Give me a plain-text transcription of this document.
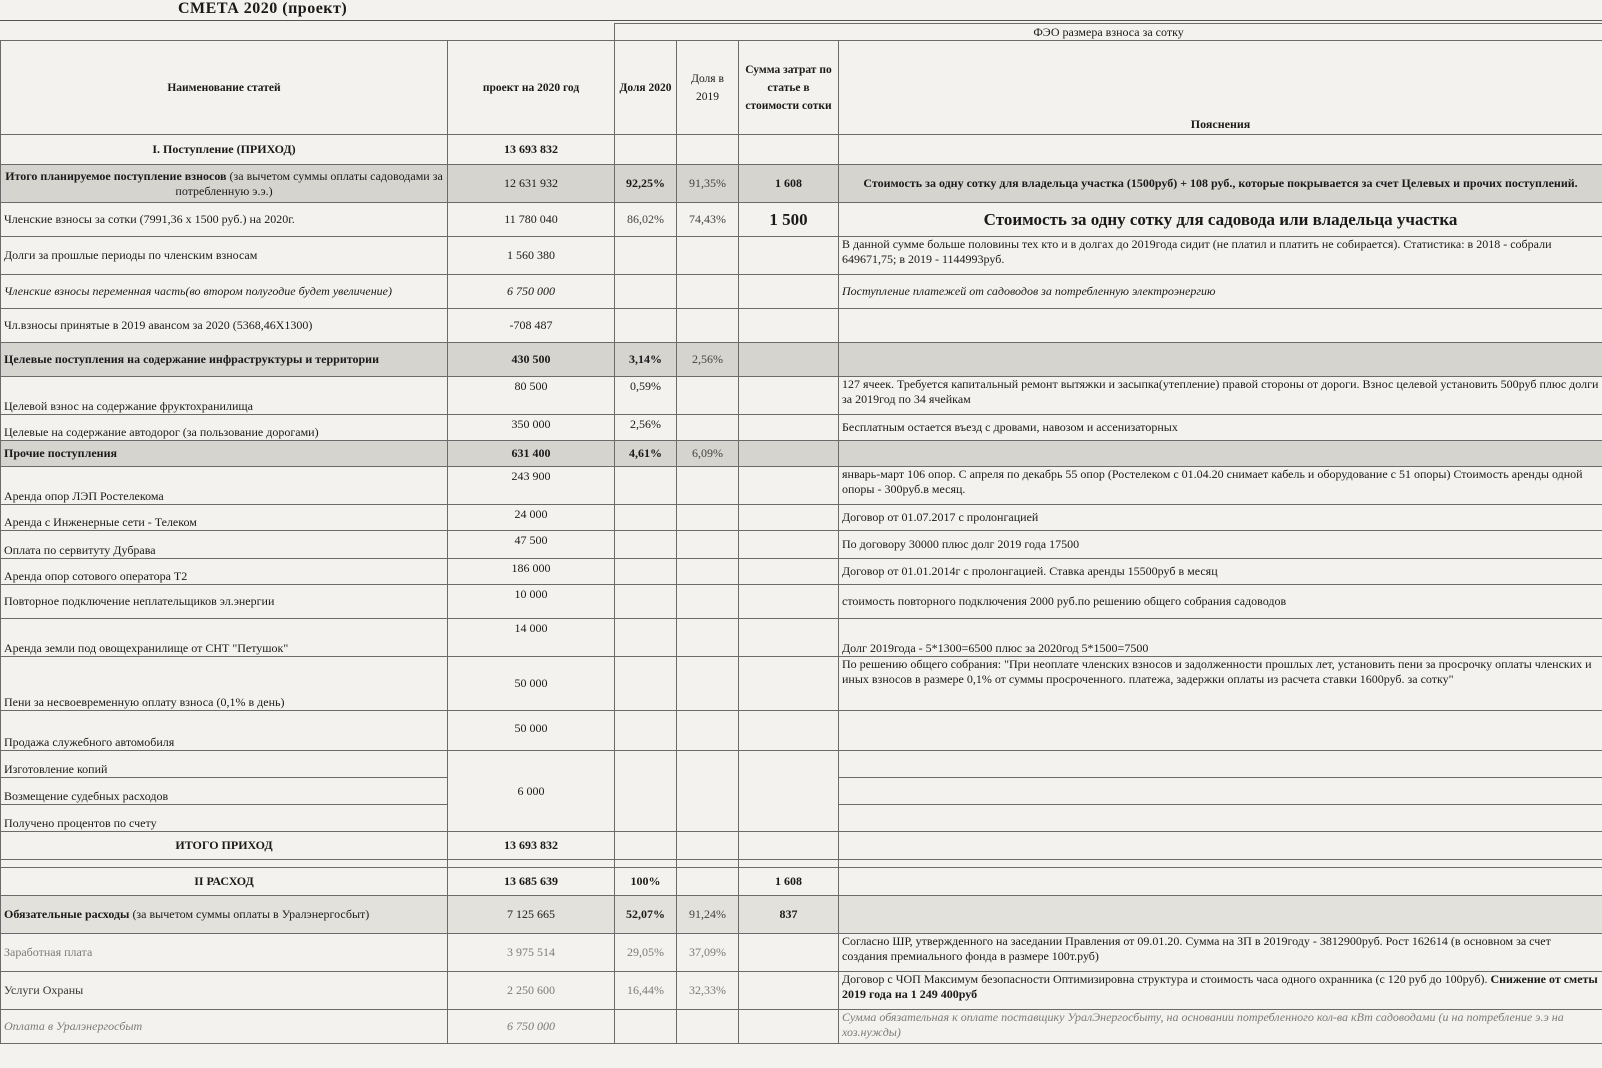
СМЕТА 2020 (проект)
		ФЭО размера взноса за сотку			
Наименование статей	проект на 2020 год	Доля 2020	Доля в 2019	Сумма затрат по статье в стоимости сотки	Пояснения
I. Поступление (ПРИХОД)	13 693 832				
Итого планируемое поступление взносов (за вычетом суммы оплаты садоводами за потребленную э.э.)	12 631 932	92,25%	91,35%	1 608	Стоимость за одну сотку для владельца участка (1500руб) + 108 руб., которые покрывается за счет Целевых и прочих поступлений.
Членские взносы за сотки (7991,36 х 1500 руб.) на 2020г.	11 780 040	86,02%	74,43%	1 500	Стоимость за одну сотку для садовода или владельца участка
Долги за прошлые периоды по членским взносам	1 560 380				В данной сумме больше половины тех кто и в долгах до 2019года сидит (не платил и платить не собирается). Статистика: в 2018 - собрали 649671,75; в 2019 - 1144993руб.
Членские взносы переменная часть(во втором полугодие будет увеличение)	6 750 000				Поступление платежей от садоводов за потребленную электроэнергию
Чл.взносы принятые в 2019 авансом за 2020 (5368,46Х1300)	-708 487				
Целевые поступления на содержание инфраструктуры и территории	430 500	3,14%	2,56%		
Целевой взнос на содержание фруктохранилища	80 500	0,59%			127 ячеек. Требуется капитальный ремонт вытяжки и засыпка(утепление) правой стороны от дороги. Взнос целевой установить 500руб плюс долги за 2019год по 34 ячейкам
Целевые на содержание автодорог (за пользование дорогами)	350 000	2,56%			Бесплатным остается въезд с дровами, навозом и ассенизаторных
Прочие поступления	631 400	4,61%	6,09%		
Аренда опор ЛЭП Ростелекома	243 900				январь-март 106 опор. С апреля по декабрь 55 опор (Ростелеком с 01.04.20 снимает кабель и оборудование с 51 опоры) Стоимость аренды одной опоры - 300руб.в месяц.
Аренда с Инженерные сети - Телеком	24 000				Договор от 01.07.2017 с пролонгацией
Оплата по сервитуту Дубрава	47 500				По договору 30000 плюс долг 2019 года 17500
Аренда опор сотового оператора Т2	186 000				Договор от 01.01.2014г с пролонгацией. Ставка аренды 15500руб в месяц
Повторное подключение неплательщиков эл.энергии	10 000				стоимость повторного подключения 2000 руб.по решению общего собрания садоводов
Аренда земли под овощехранилище от СНТ "Петушок"	14 000				Долг 2019года - 5*1300=6500 плюс за 2020год 5*1500=7500
Пени за несвоевременную оплату взноса (0,1% в день)	50 000				По решению общего собрания: "При неоплате членских взносов и задолженности прошлых лет, установить пени за просрочку оплаты членских и иных взносов в размере 0,1% от суммы просроченного. платежа, задержки оплаты из расчета ставки 1600руб. за сотку"
Продажа служебного автомобиля	50 000				
Изготовление копий	6 000				
Возмещение судебных расходов					
Получено процентов по счету					
ИТОГО ПРИХОД	13 693 832				

II РАСХОД	13 685 639	100%		1 608	
Обязательные расходы (за вычетом суммы оплаты в Уралэнергосбыт)	7 125 665	52,07%	91,24%	837	
Заработная плата	3 975 514	29,05%	37,09%		Согласно ШР, утвержденного на заседании Правления от 09.01.20. Сумма на ЗП в 2019году - 3812900руб. Рост 162614 (в основном за счет создания премиального фонда в размере 100т.руб)
Услуги Охраны	2 250 600	16,44%	32,33%		Договор с ЧОП Максимум безопасности Оптимизировна структура и стоимость часа одного охранника (с 120 руб до 100руб). Снижение от сметы 2019 года на 1 249 400руб
Оплата в Уралэнергосбыт	6 750 000				Сумма обязательная к оплате поставщику УралЭнергосбыту, на основании потребленного кол-ва кВт садоводами (и на потребление э.э на хоз.нужды)
